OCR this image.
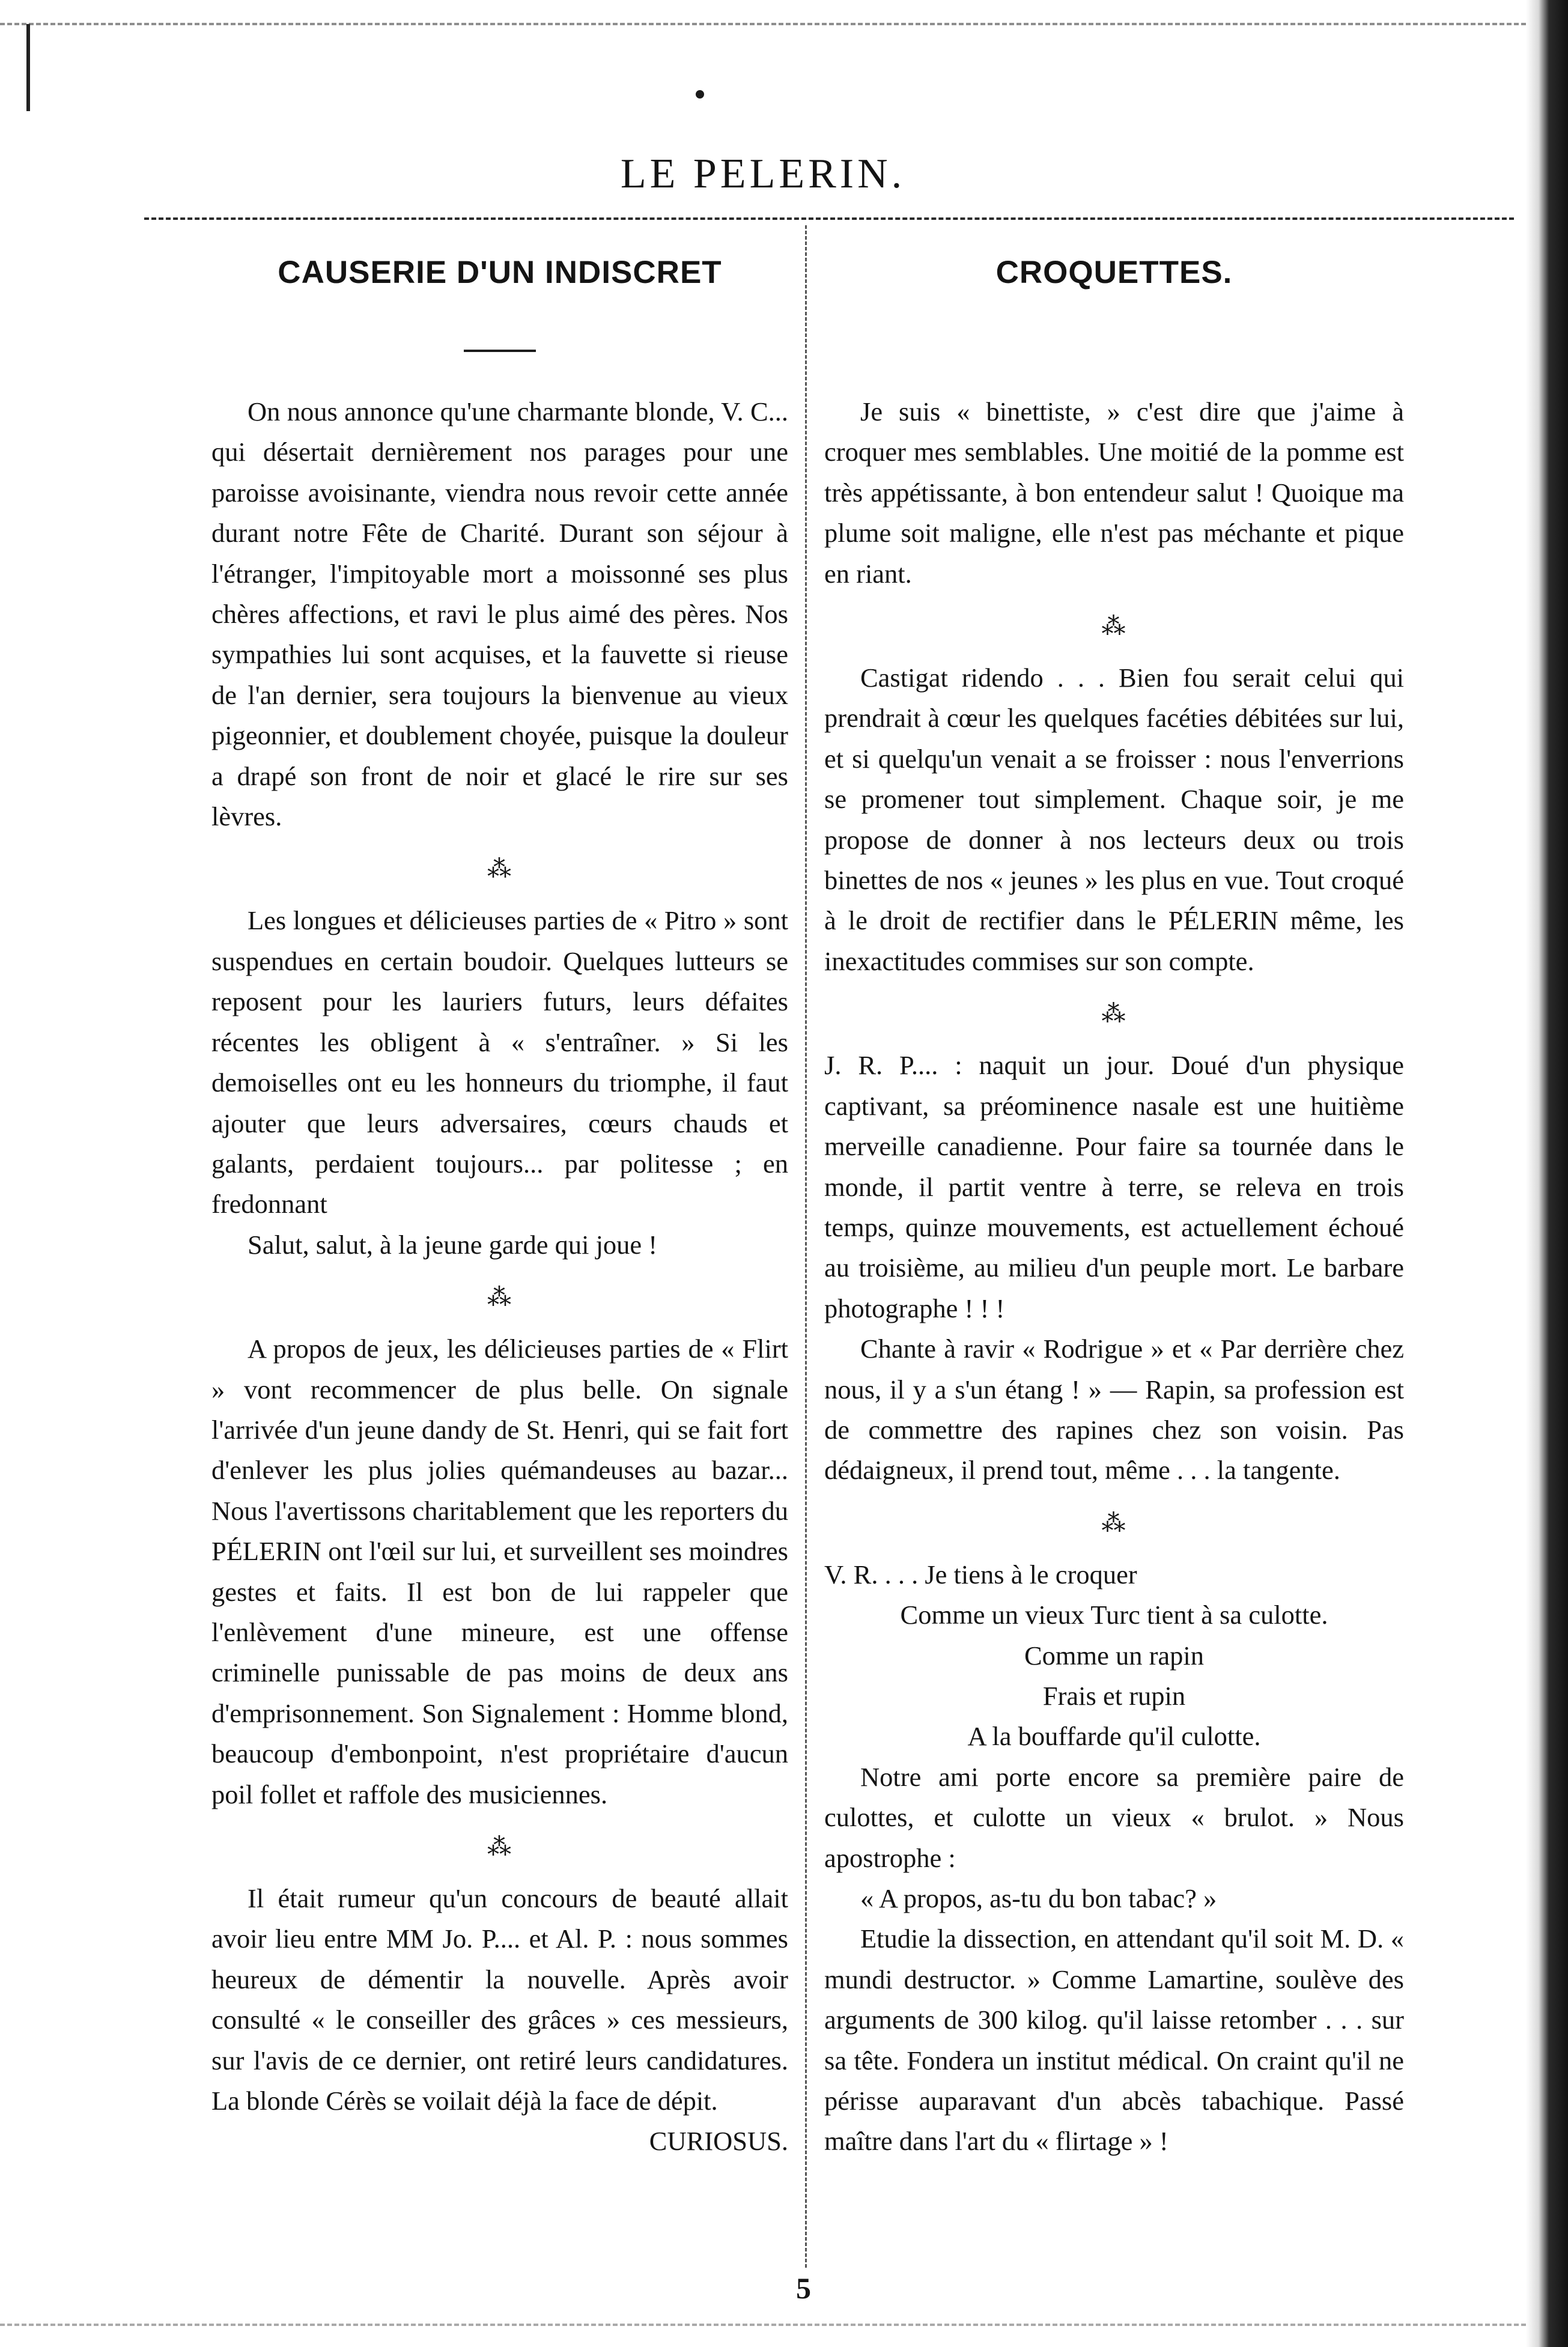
LE PELERIN.
CAUSERIE D'UN INDISCRET

On nous annonce qu'une charmante blonde, V. C... qui désertait dernièrement nos parages pour une paroisse avoisinante, viendra nous revoir cette année durant notre Fête de Charité. Durant son séjour à l'étranger, l'impitoyable mort a moissonné ses plus chères affections, et ravi le plus aimé des pères. Nos sympathies lui sont acquises, et la fauvette si rieuse de l'an dernier, sera toujours la bienvenue au vieux pigeonnier, et doublement choyée, puisque la douleur a drapé son front de noir et glacé le rire sur ses lèvres.

⁂

Les longues et délicieuses parties de « Pitro » sont suspendues en certain boudoir. Quelques lutteurs se reposent pour les lauriers futurs, leurs défaites récentes les obligent à « s'entraîner. » Si les demoiselles ont eu les honneurs du triomphe, il faut ajouter que leurs adversaires, cœurs chauds et galants, perdaient toujours... par politesse ; en fredonnant

Salut, salut, à la jeune garde qui joue !

⁂

A propos de jeux, les délicieuses parties de « Flirt » vont recommencer de plus belle. On signale l'arrivée d'un jeune dandy de St. Henri, qui se fait fort d'enlever les plus jolies quémandeuses au bazar... Nous l'avertissons charitablement que les reporters du PÉLERIN ont l'œil sur lui, et surveillent ses moindres gestes et faits. Il est bon de lui rappeler que l'enlèvement d'une mineure, est une offense criminelle punissable de pas moins de deux ans d'emprisonnement. Son Signalement : Homme blond, beaucoup d'embonpoint, n'est propriétaire d'aucun poil follet et raffole des musiciennes.

⁂

Il était rumeur qu'un concours de beauté allait avoir lieu entre MM Jo. P.... et Al. P. : nous sommes heureux de démentir la nouvelle. Après avoir consulté « le conseiller des grâces » ces messieurs, sur l'avis de ce dernier, ont retiré leurs candidatures. La blonde Cérès se voilait déjà la face de dépit.

CURIOSUS.

CROQUETTES.

Je suis « binettiste, » c'est dire que j'aime à croquer mes semblables. Une moitié de la pomme est très appétissante, à bon entendeur salut ! Quoique ma plume soit maligne, elle n'est pas méchante et pique en riant.

⁂

Castigat ridendo . . . Bien fou serait celui qui prendrait à cœur les quelques facéties débitées sur lui, et si quelqu'un venait a se froisser : nous l'enverrions se promener tout simplement. Chaque soir, je me propose de donner à nos lecteurs deux ou trois binettes de nos « jeunes » les plus en vue. Tout croqué à le droit de rectifier dans le PÉLERIN même, les inexactitudes commises sur son compte.

⁂

J. R. P.... : naquit un jour. Doué d'un physique captivant, sa préominence nasale est une huitième merveille canadienne. Pour faire sa tournée dans le monde, il partit ventre à terre, se releva en trois temps, quinze mouvements, est actuellement échoué au troisième, au milieu d'un peuple mort. Le barbare photographe ! ! !

Chante à ravir « Rodrigue » et « Par derrière chez nous, il y a s'un étang ! » — Rapin, sa profession est de commettre des rapines chez son voisin. Pas dédaigneux, il prend tout, même . . . la tangente.

⁂

V. R. . . . Je tiens à le croquer

Comme un vieux Turc tient à sa culotte.

Comme un rapin

Frais et rupin

A la bouffarde qu'il culotte.

Notre ami porte encore sa première paire de culottes, et culotte un vieux « brulot. » Nous apostrophe :

« A propos, as-tu du bon tabac? »

Etudie la dissection, en attendant qu'il soit M. D. « mundi destructor. » Comme Lamartine, soulève des arguments de 300 kilog. qu'il laisse retomber . . . sur sa tête. Fondera un institut médical. On craint qu'il ne périsse auparavant d'un abcès tabachique. Passé maître dans l'art du « flirtage » !

5
